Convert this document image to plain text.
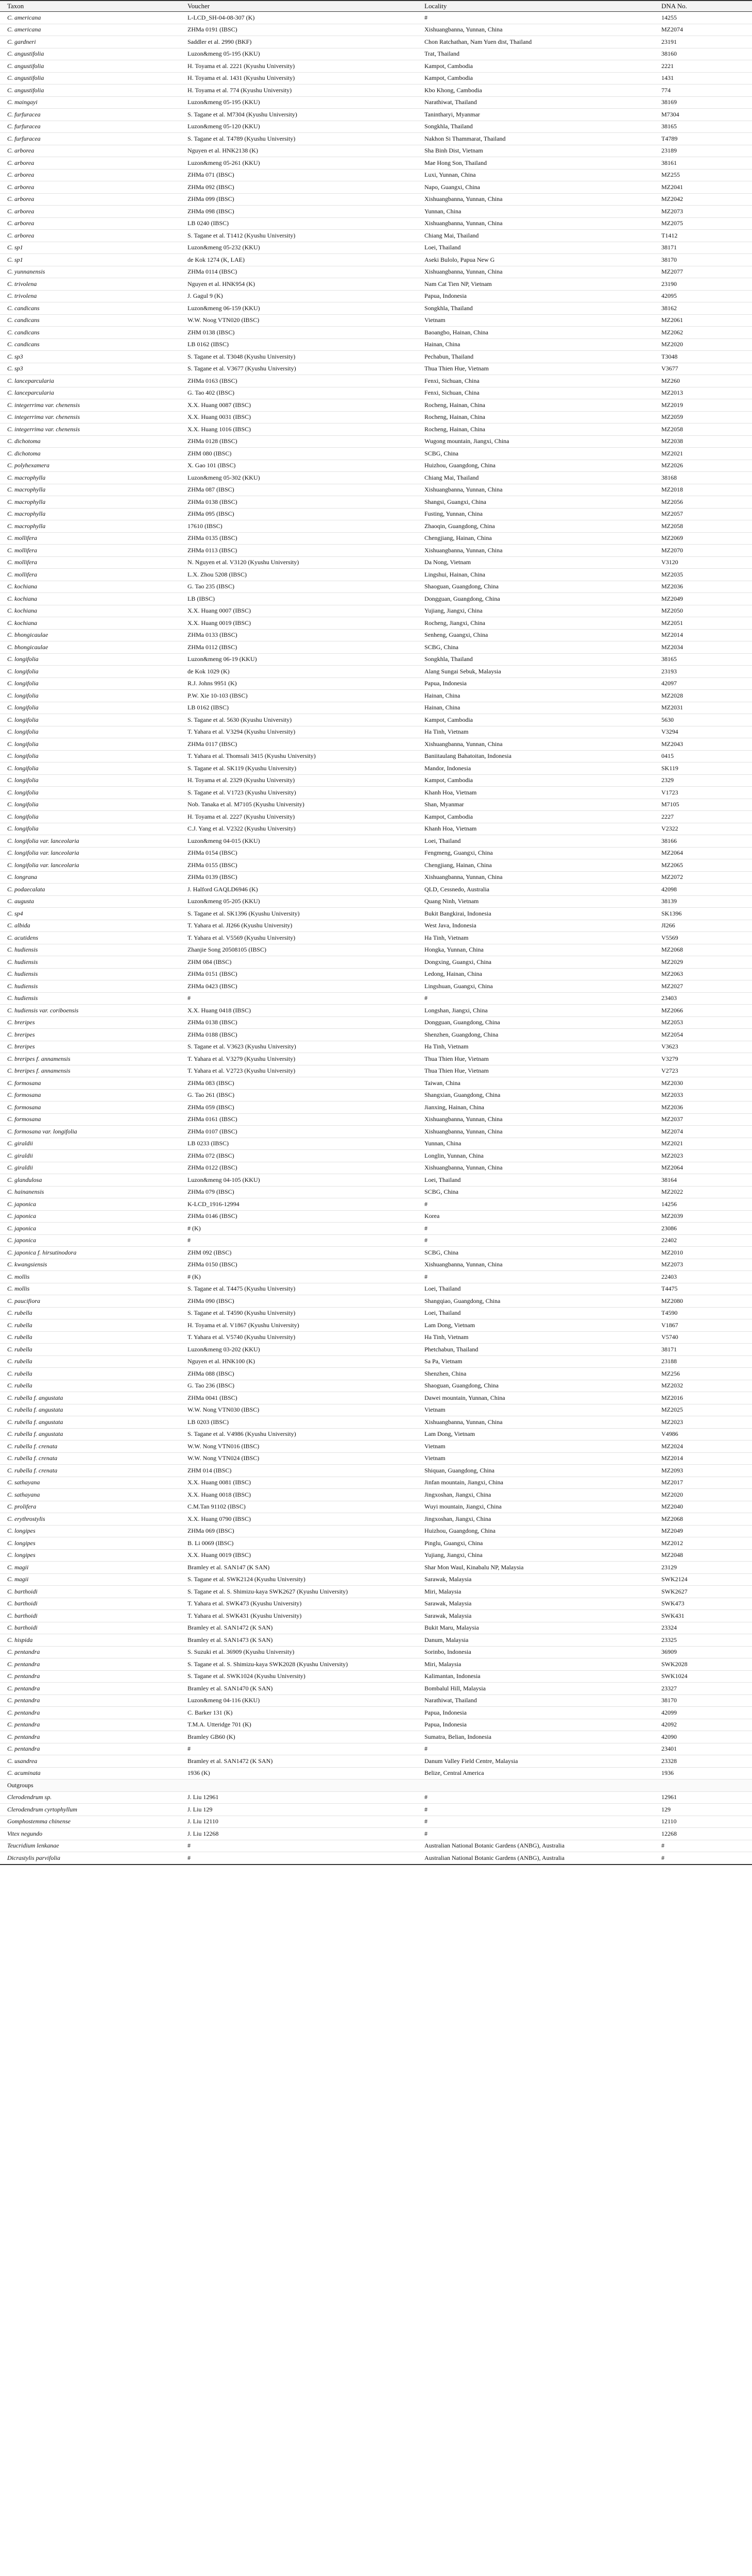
Taxon	Voucher	Locality	DNA No.
C. americana	L-LCD_SH-04-08-307 (K)	#	14255
C. americana	ZHMa 0191 (IBSC)	Xishuangbanna, Yunnan, China	MZ2074
C. gardneri	Saddler et al. 2990 (BKF)	Chon Ratchathan, Nam Yuen dist, Thailand	23191
C. angustifolia	Luzon&meng 05-195 (KKU)	Trat, Thailand	38160
C. angustifolia	H. Toyama et al. 2221 (Kyushu University)	Kampot, Cambodia	2221
C. angustifolia	H. Toyama et al. 1431 (Kyushu University)	Kampot, Cambodia	1431
C. angustifolia	H. Toyama et al. 774 (Kyushu University)	Kbo Khong, Cambodia	774
C. maingayi	Luzon&meng 05-195 (KKU)	Narathiwat, Thailand	38169
C. furfuracea	S. Tagane et al. M7304 (Kyushu University)	Tanintharyi, Myanmar	M7304
C. furfuracea	Luzon&meng 05-120 (KKU)	Songkhla, Thailand	38165
C. furfuracea	S. Tagane et al. T4789 (Kyushu University)	Nakhon Si Thammarat, Thailand	T4789
C. arborea	Nguyen et al. HNK2138 (K)	Sha Binh Dist, Vietnam	23189
C. arborea	Luzon&meng 05-261 (KKU)	Mae Hong Son, Thailand	38161
C. arborea	ZHMa 071 (IBSC)	Luxi, Yunnan, China	MZ255
C. arborea	ZHMa 092 (IBSC)	Napo, Guangxi, China	MZ2041
C. arborea	ZHMa 099 (IBSC)	Xishuangbanna, Yunnan, China	MZ2042
C. arborea	ZHMa 098 (IBSC)	Yunnan, China	MZ2073
C. arborea	LB 0240 (IBSC)	Xishuangbanna, Yunnan, China	MZ2075
C. arborea	S. Tagane et al. T1412 (Kyushu University)	Chiang Mai, Thailand	T1412
C. sp1	Luzon&meng 05-232 (KKU)	Loei, Thailand	38171
C. sp1	de Kok 1274 (K, LAE)	Aseki Bulolo, Papua New G	38170
C. yunnanensis	ZHMa 0114 (IBSC)	Xishuangbanna, Yunnan, China	MZ2077
C. trivolena	Nguyen et al. HNK954 (K)	Nam Cat Tien NP, Vietnam	23190
C. trivolena	J. Gagul 9 (K)	Papua, Indonesia	42095
C. candicans	Luzon&meng 06-159 (KKU)	Songkhla, Thailand	38162
C. candicans	W.W. Noog VTN020 (IBSC)	Vietnam	MZ2061
C. candicans	ZHM 0138 (IBSC)	Baoangbo, Hainan, China	MZ2062
C. candicans	LB 0162 (IBSC)	Hainan, China	MZ2020
C. sp3	S. Tagane et al. T3048 (Kyushu University)	Pechabun, Thailand	T3048
C. sp3	S. Tagane et al. V3677 (Kyushu University)	Thua Thien Hue, Vietnam	V3677
C. lanceparcularia	ZHMa 0163 (IBSC)	Fenxi, Sichuan, China	MZ260
C. lanceparcularia	G. Tao 402 (IBSC)	Fenxi, Sichuan, China	MZ2013
C. integerrima var. chenensis	X.X. Huang 0087 (IBSC)	Rocheng, Hainan, China	MZ2019
C. integerrima var. chenensis	X.X. Huang 0031 (IBSC)	Rocheng, Hainan, China	MZ2059
C. integerrima var. chenensis	X.X. Huang 1016 (IBSC)	Rocheng, Hainan, China	MZ2058
C. dichotoma	ZHMa 0128 (IBSC)	Wugong mountain, Jiangxi, China	MZ2038
C. dichotoma	ZHM 080 (IBSC)	SCBG, China	MZ2021
C. polyhexamera	X. Gao 101 (IBSC)	Huizhou, Guangdong, China	MZ2026
C. macrophylla	Luzon&meng 05-302 (KKU)	Chiang Mai, Thailand	38168
C. macrophylla	ZHMa 087 (IBSC)	Xishuangbanna, Yunnan, China	MZ2018
C. macrophylla	ZHMa 0138 (IBSC)	Shangsi, Guangxi, China	MZ2056
C. macrophylla	ZHMa 095 (IBSC)	Fusting, Yunnan, China	MZ2057
C. macrophylla	17610 (IBSC)	Zhaoqin, Guangdong, China	MZ2058
C. mollifera	ZHMa 0135 (IBSC)	Chengjiang, Hainan, China	MZ2069
C. mollifera	ZHMa 0113 (IBSC)	Xishuangbanna, Yunnan, China	MZ2070
C. mollifera	N. Nguyen et al. V3120 (Kyushu University)	Da Nong, Vietnam	V3120
C. mollifera	L.X. Zhou 5208 (IBSC)	Lingshui, Hainan, China	MZ2035
C. kochiana	G. Tao 235 (IBSC)	Shaoguan, Guangdong, China	MZ2036
C. kochiana	LB (IBSC)	Dongguan, Guangdong, China	MZ2049
C. kochiana	X.X. Huang 0007 (IBSC)	Yujiang, Jiangxi, China	MZ2050
C. kochiana	X.X. Huang 0019 (IBSC)	Rocheng, Jiangxi, China	MZ2051
C. bhongicaulae	ZHMa 0133 (IBSC)	Senheng, Guangxi, China	MZ2014
C. bhongicaulae	ZHMa 0112 (IBSC)	SCBG, China	MZ2034
C. longifolia	Luzon&meng 06-19 (KKU)	Songkhla, Thailand	38165
C. longifolia	de Kok 1029 (K)	Alang Sungai Sebuk, Malaysia	23193
C. longifolia	R.J. Johns 9951 (K)	Papua, Indonesia	42097
C. longifolia	P.W. Xie 10-103 (IBSC)	Hainan, China	MZ2028
C. longifolia	LB 0162 (IBSC)	Hainan, China	MZ2031
C. longifolia	S. Tagane et al. 5630 (Kyushu University)	Kampot, Cambodia	5630
C. longifolia	T. Yahara et al. V3294 (Kyushu University)	Ha Tinh, Vietnam	V3294
C. longifolia	ZHMa 0117 (IBSC)	Xishuangbanna, Yunnan, China	MZ2043
C. longifolia	T. Yahara et al. Thomsali 3415 (Kyushu University)	Baniitaulang Bahatoitan, Indonesia	0415
C. longifolia	S. Tagane et al. SK119 (Kyushu University)	Mandor, Indonesia	SK119
C. longifolia	H. Toyama et al. 2329 (Kyushu University)	Kampot, Cambodia	2329
C. longifolia	S. Tagane et al. V1723 (Kyushu University)	Khanh Hoa, Vietnam	V1723
C. longifolia	Nob. Tanaka et al. M7105 (Kyushu University)	Shan, Myanmar	M7105
C. longifolia	H. Toyama et al. 2227 (Kyushu University)	Kampot, Cambodia	2227
C. longifolia	C.J. Yang et al. V2322 (Kyushu University)	Khanh Hoa, Vietnam	V2322
C. longifolia var. lanceolaria	Luzon&meng 04-015 (KKU)	Loei, Thailand	38166
C. longifolia var. lanceolaria	ZHMa 0154 (IBSC)	Fengmeng, Guangxi, China	MZ2064
C. longifolia var. lanceolaria	ZHMa 0155 (IBSC)	Chengjiang, Hainan, China	MZ2065
C. longrana	ZHMa 0139 (IBSC)	Xishuangbanna, Yunnan, China	MZ2072
C. podaecalata	J. Halford GAQLD6946 (K)	QLD, Cessnedo, Australia	42098
C. augusta	Luzon&meng 05-205 (KKU)	Quang Ninh, Vietnam	38139
C. sp4	S. Tagane et al. SK1396 (Kyushu University)	Bukit Bangkirai, Indonesia	SK1396
C. albida	T. Yahara et al. JI266 (Kyushu University)	West Java, Indonesia	JI266
C. acutidens	T. Yahara et al. V5569 (Kyushu University)	Ha Tinh, Vietnam	V5569
C. hudiensis	Zhanjie Song 20508105 (IBSC)	Hongka, Yunnan, China	MZ2068
C. hudiensis	ZHM 084 (IBSC)	Dongxing, Guangxi, China	MZ2029
C. hudiensis	ZHMa 0151 (IBSC)	Ledong, Hainan, China	MZ2063
C. hudiensis	ZHMa 0423 (IBSC)	Lingshuan, Guangxi, China	MZ2027
C. hudiensis	#	#	23403
C. hudiensis var. coriboensis	X.X. Huang 0418 (IBSC)	Longshan, Jiangxi, China	MZ2066
C. breripes	ZHMa 0138 (IBSC)	Dongguan, Guangdong, China	MZ2053
C. breripes	ZHMa 0188 (IBSC)	Shenzhen, Guangdong, China	MZ2054
C. breripes	S. Tagane et al. V3623 (Kyushu University)	Ha Tinh, Vietnam	V3623
C. breripes f. annamensis	T. Yahara et al. V3279 (Kyushu University)	Thua Thien Hue, Vietnam	V3279
C. breripes f. annamensis	T. Yahara et al. V2723 (Kyushu University)	Thua Thien Hue, Vietnam	V2723
C. formosana	ZHMa 083 (IBSC)	Taiwan, China	MZ2030
C. formosana	G. Tao 261 (IBSC)	Shangxian, Guangdong, China	MZ2033
C. formosana	ZHMa 059 (IBSC)	Jianxing, Hainan, China	MZ2036
C. formosana	ZHMa 0161 (IBSC)	Xishuangbanna, Yunnan, China	MZ2037
C. formosana var. longifolia	ZHMa 0107 (IBSC)	Xishuangbanna, Yunnan, China	MZ2074
C. giraldii	LB 0233 (IBSC)	Yunnan, China	MZ2021
C. giraldii	ZHMa 072 (IBSC)	Longlin, Yunnan, China	MZ2023
C. giraldii	ZHMa 0122 (IBSC)	Xishuangbanna, Yunnan, China	MZ2064
C. glandulosa	Luzon&meng 04-105 (KKU)	Loei, Thailand	38164
C. hainanensis	ZHMa 079 (IBSC)	SCBG, China	MZ2022
C. japonica	K-LCD_1916-12994	#	14256
C. japonica	ZHMa 0146 (IBSC)	Korea	MZ2039
C. japonica	# (K)	#	23086
C. japonica	#	#	22402
C. japonica f. hirsutinodora	ZHM 092 (IBSC)	SCBG, China	MZ2010
C. kwangsiensis	ZHMa 0150 (IBSC)	Xishuangbanna, Yunnan, China	MZ2073
C. mollis	# (K)	#	22403
C. mollis	S. Tagane et al. T4475 (Kyushu University)	Loei, Thailand	T4475
C. paucifiora	ZHMa 090 (IBSC)	Shangqiao, Guangdong, China	MZ2080
C. rubella	S. Tagane et al. T4590 (Kyushu University)	Loei, Thailand	T4590
C. rubella	H. Toyama et al. V1867 (Kyushu University)	Lam Dong, Vietnam	V1867
C. rubella	T. Yahara et al. V5740 (Kyushu University)	Ha Tinh, Vietnam	V5740
C. rubella	Luzon&meng 03-202 (KKU)	Phetchabun, Thailand	38171
C. rubella	Nguyen et al. HNK100 (K)	Sa Pa, Vietnam	23188
C. rubella	ZHMa 088 (IBSC)	Shenzhen, China	MZ256
C. rubella	G. Tao 236 (IBSC)	Shaoguan, Guangdong, China	MZ2032
C. rubella f. angustata	ZHMa 0041 (IBSC)	Dawei mountain, Yunnan, China	MZ2016
C. rubella f. angustata	W.W. Nong VTN030 (IBSC)	Vietnam	MZ2025
C. rubella f. angustata	LB 0203 (IBSC)	Xishuangbanna, Yunnan, China	MZ2023
C. rubella f. angustata	S. Tagane et al. V4986 (Kyushu University)	Lam Dong, Vietnam	V4986
C. rubella f. crenata	W.W. Nong VTN016 (IBSC)	Vietnam	MZ2024
C. rubella f. crenata	W.W. Nong VTN024 (IBSC)	Vietnam	MZ2014
C. rubella f. crenata	ZHM 014 (IBSC)	Shiquan, Guangdong, China	MZ2093
C. sathayana	X.X. Huang 0081 (IBSC)	Jinfan mountain, Jiangxi, China	MZ2017
C. sathayana	X.X. Huang 0018 (IBSC)	Jingxoshan, Jiangxi, China	MZ2020
C. prolifera	C.M.Tan 91102 (IBSC)	Wuyi mountain, Jiangxi, China	MZ2040
C. erythrostylis	X.X. Huang 0790 (IBSC)	Jingxoshan, Jiangxi, China	MZ2068
C. longipes	ZHMa 069 (IBSC)	Huizhou, Guangdong, China	MZ2049
C. longipes	B. Li 0069 (IBSC)	Pinglu, Guangxi, China	MZ2012
C. longipes	X.X. Huang 0019 (IBSC)	Yujiang, Jiangxi, China	MZ2048
C. magii	Bramley et al. SAN147 (K SAN)	Shar Mon Waul, Kinabalu NP, Malaysia	23129
C. magii	S. Tagane et al. SWK2124 (Kyushu University)	Sarawak, Malaysia	SWK2124
C. barthoidi	S. Tagane et al. S. Shimizu-kaya SWK2627 (Kyushu University)	Miri, Malaysia	SWK2627
C. barthoidi	T. Yahara et al. SWK473 (Kyushu University)	Sarawak, Malaysia	SWK473
C. barthoidi	T. Yahara et al. SWK431 (Kyushu University)	Sarawak, Malaysia	SWK431
C. barthoidi	Bramley et al. SAN1472 (K SAN)	Bukit Maru, Malaysia	23324
C. hispida	Bramley et al. SAN1473 (K SAN)	Danum, Malaysia	23325
C. pentandra	S. Suzuki et al. 36909 (Kyushu University)	Sorinbo, Indonesia	36909
C. pentandra	S. Tagane et al. S. Shimizu-kaya SWK2028 (Kyushu University)	Miri, Malaysia	SWK2028
C. pentandra	S. Tagane et al. SWK1024 (Kyushu University)	Kalimantan, Indonesia	SWK1024
C. pentandra	Bramley et al. SAN1470 (K SAN)	Bombalul Hill, Malaysia	23327
C. pentandra	Luzon&meng 04-116 (KKU)	Narathiwat, Thailand	38170
C. pentandra	C. Barker 131 (K)	Papua, Indonesia	42099
C. pentandra	T.M.A. Utteridge 701 (K)	Papua, Indonesia	42092
C. pentandra	Bramley GB60 (K)	Sumatra, Belian, Indonesia	42090
C. pentandra	#	#	23401
C. usandrea	Bramley et al. SAN1472 (K SAN)	Danum Valley Field Centre, Malaysia	23328
C. acuminata	1936 (K)	Belize, Central America	1936
Outgroups			
Clerodendrum sp.	J. Liu 12961	#	12961
Clerodendrum cyrtophyllum	J. Liu 129	#	129
Gomphostemma chinense	J. Liu 12110	#	12110
Vitex negundo	J. Liu 12268	#	12268
Teucridium lenkanae	#	Australian National Botanic Gardens (ANBG), Australia	#
Dicrastylis parvifolia	#	Australian National Botanic Gardens (ANBG), Australia	#
